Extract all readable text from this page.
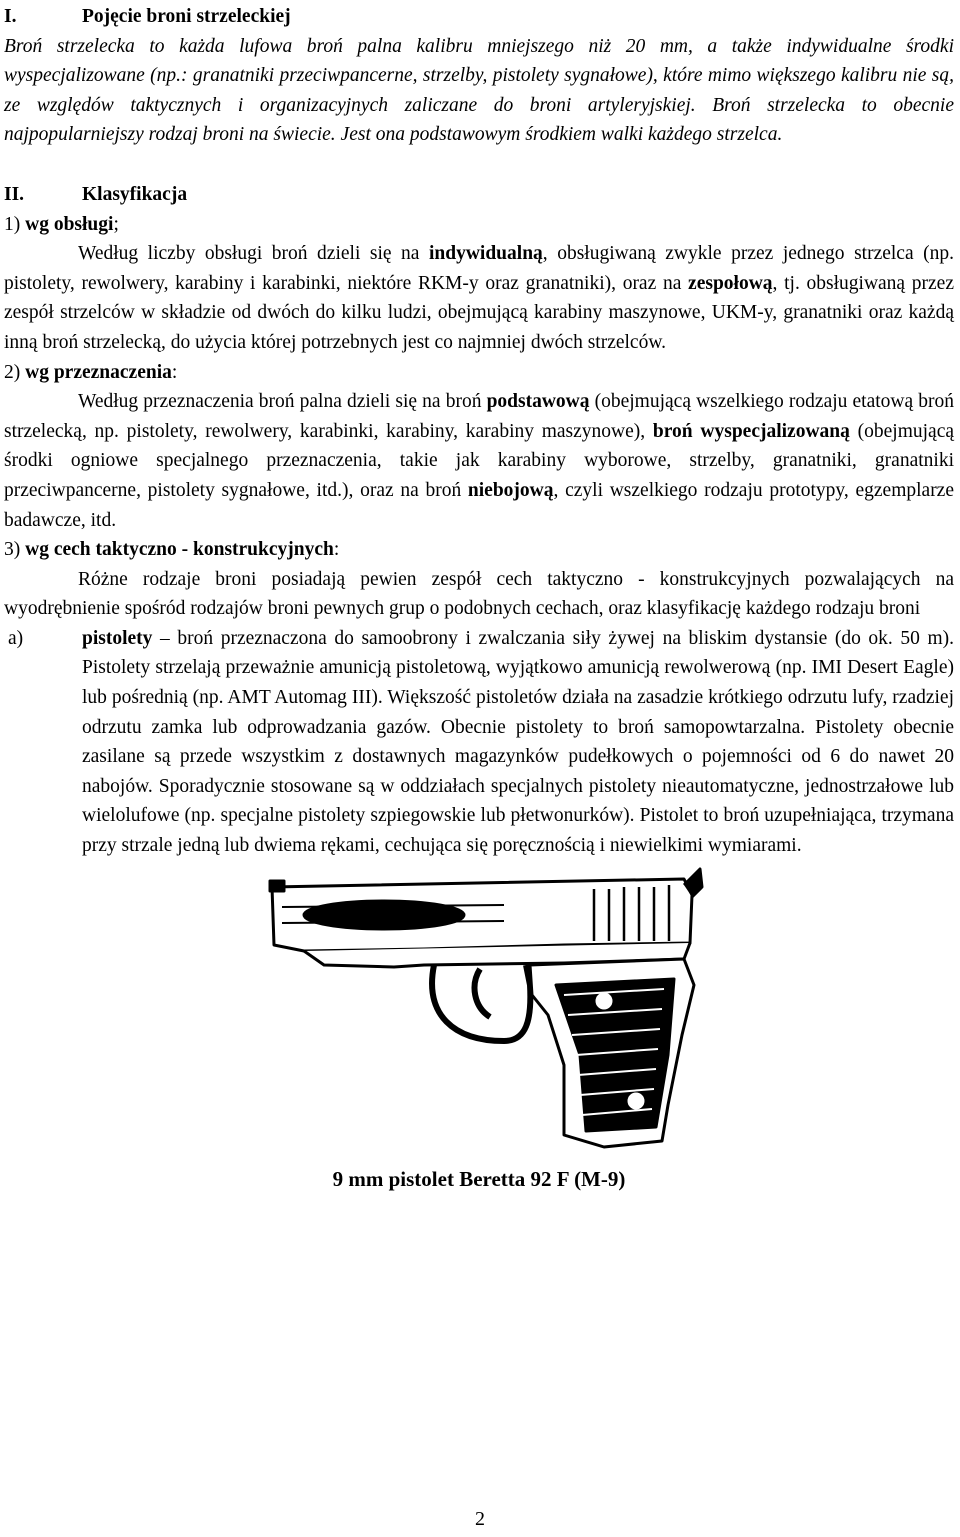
I.	Pojęcie broni strzeleckiej

Broń strzelecka to każda lufowa broń palna kalibru mniejszego niż 20 mm, a także indywidualne środki wyspecjalizowane (np.: granatniki przeciwpancerne, strzelby, pistolety sygnałowe), które mimo większego kalibru nie są, ze względów taktycznych i organizacyjnych zaliczane do broni artyleryjskiej. Broń strzelecka to obecnie najpopularniejszy rodzaj broni na świecie. Jest ona podstawowym środkiem walki każdego strzelca.

II.	Klasyfikacja

1) wg obsługi;

Według liczby obsługi broń dzieli się na indywidualną, obsługiwaną zwykle przez jednego strzelca (np. pistolety, rewolwery, karabiny i karabinki, niektóre RKM-y oraz granatniki), oraz na zespołową, tj. obsługiwaną przez zespół strzelców w składzie od dwóch do kilku ludzi, obejmującą karabiny maszynowe, UKM-y, granatniki oraz każdą inną broń strzelecką, do użycia której potrzebnych jest co najmniej dwóch strzelców.

2) wg przeznaczenia:

Według przeznaczenia broń palna dzieli się na broń podstawową (obejmującą wszelkiego rodzaju etatową broń strzelecką, np. pistolety, rewolwery, karabinki, karabiny, karabiny maszynowe), broń wyspecjalizowaną (obejmującą środki ogniowe specjalnego przeznaczenia, takie jak karabiny wyborowe, strzelby, granatniki, granatniki przeciwpancerne, pistolety sygnałowe, itd.), oraz na broń niebojową, czyli wszelkiego rodzaju prototypy, egzemplarze badawcze, itd.

3) wg cech taktyczno - konstrukcyjnych:

Różne rodzaje broni posiadają pewien zespół cech taktyczno - konstrukcyjnych pozwalających na wyodrębnienie spośród rodzajów broni pewnych grup o podobnych cechach, oraz klasyfikację każdego rodzaju broni

a)	pistolety – broń przeznaczona do samoobrony i zwalczania siły żywej na bliskim dystansie (do ok. 50 m). Pistolety strzelają przeważnie amunicją pistoletową, wyjątkowo amunicją rewolwerową (np. IMI Desert Eagle) lub pośrednią (np. AMT Automag III). Większość pistoletów działa na zasadzie krótkiego odrzutu lufy, rzadziej odrzutu zamka lub odprowadzania gazów. Obecnie pistolety to broń samopowtarzalna. Pistolety obecnie zasilane są przede wszystkim z dostawnych magazynków pudełkowych o pojemności od 6 do nawet 20 nabojów. Sporadycznie stosowane są w oddziałach specjalnych pistolety nieautomatyczne, jednostrzałowe lub wielolufowe (np. specjalne pistolety szpiegowskie lub płetwonurków). Pistolet to broń uzupełniająca, trzymana przy strzale jedną lub dwiema rękami, cechująca się poręcznością i niewielkimi wymiarami.

9 mm pistolet Beretta 92 F (M-9)

2
